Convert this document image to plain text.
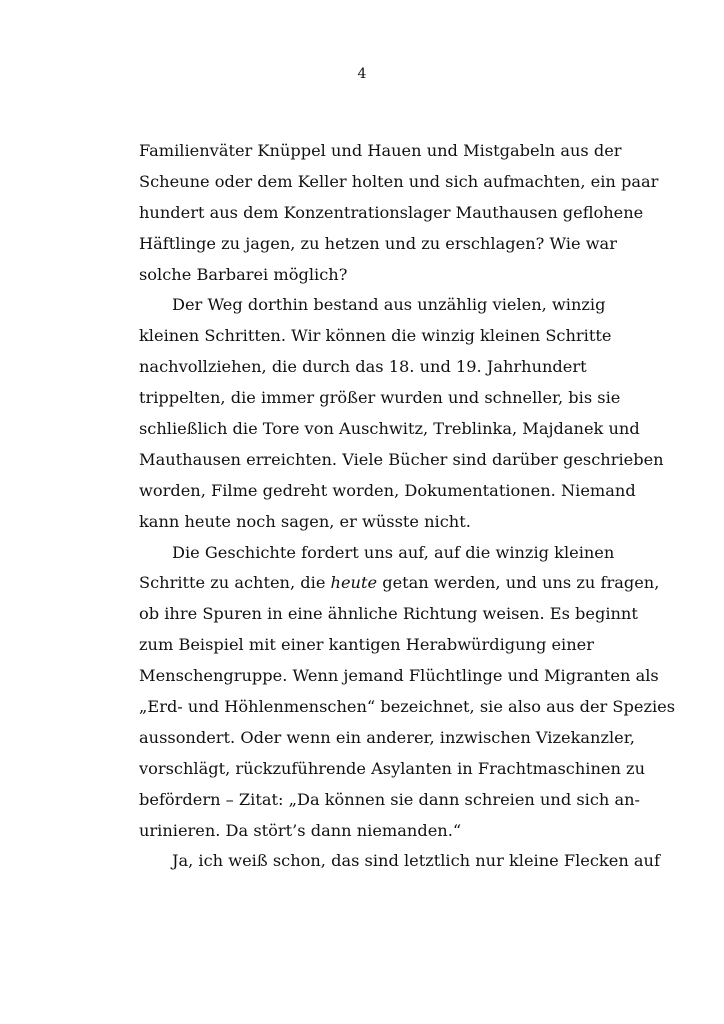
4
Familienväter Knüppel und Hauen und Mistgabeln aus der
Scheune oder dem Keller holten und sich aufmachten, ein paar
hundert aus dem Konzentrationslager Mauthausen geflohene
Häftlinge zu jagen, zu hetzen und zu erschlagen? Wie war
solche Barbarei möglich?
Der Weg dorthin bestand aus unzählig vielen, winzig
kleinen Schritten. Wir können die winzig kleinen Schritte
nachvollziehen, die durch das 18. und 19. Jahrhundert
trippelten, die immer größer wurden und schneller, bis sie
schließlich die Tore von Auschwitz, Treblinka, Majdanek und
Mauthausen erreichten. Viele Bücher sind darüber geschrieben
worden, Filme gedreht worden, Dokumentationen. Niemand
kann heute noch sagen, er wüsste nicht.
Die Geschichte fordert uns auf, auf die winzig kleinen
Schritte zu achten, die heute getan werden, und uns zu fragen,
ob ihre Spuren in eine ähnliche Richtung weisen. Es beginnt
zum Beispiel mit einer kantigen Herabwürdigung einer
Menschengruppe. Wenn jemand Flüchtlinge und Migranten als
„Erd- und Höhlenmenschen“ bezeichnet, sie also aus der Spezies
aussondert. Oder wenn ein anderer, inzwischen Vizekanzler,
vorschlägt, rückzuführende Asylanten in Frachtmaschinen zu
befördern – Zitat: „Da können sie dann schreien und sich an-
urinieren. Da stört’s dann niemanden.“
Ja, ich weiß schon, das sind letztlich nur kleine Flecken auf
